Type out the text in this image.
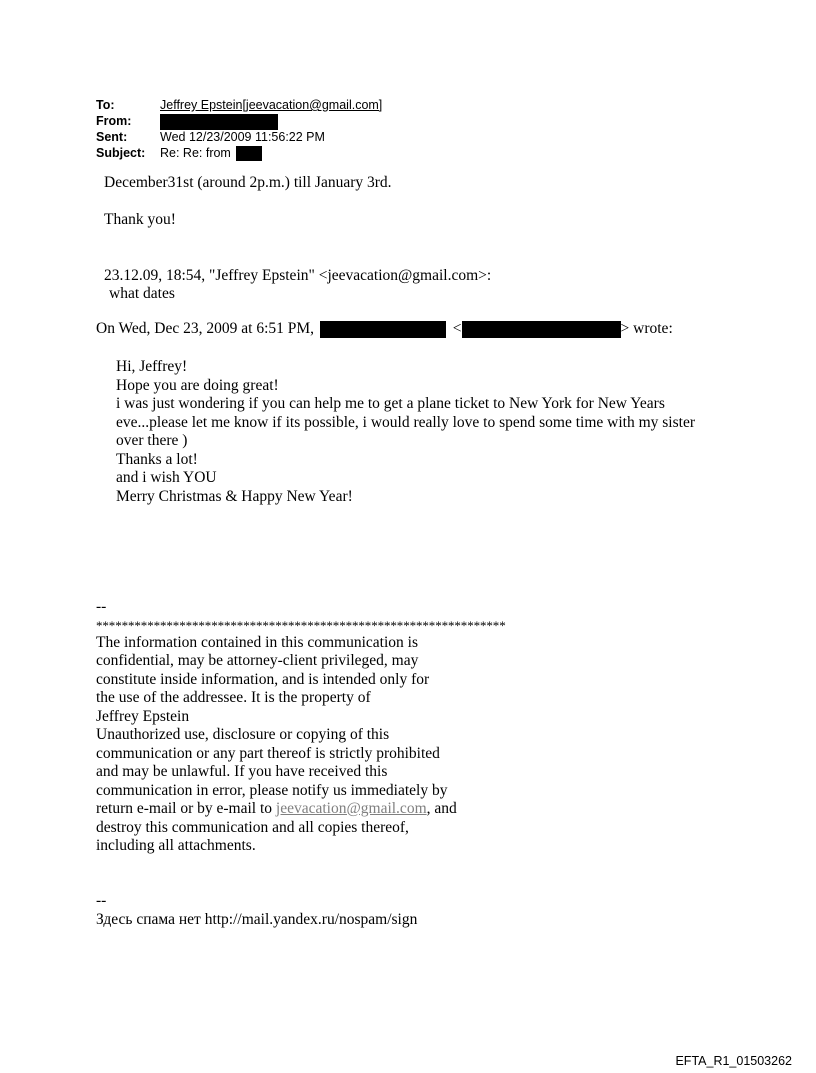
To:	Jeffrey Epstein[jeevacation@gmail.com]
From:
Sent:	Wed 12/23/2009 11:56:22 PM
Subject: Re: Re: from
December31st (around 2p.m.) till January 3rd.
Thank you!
23.12.09, 18:54, "Jeffrey Epstein" <jeevacation@gmail.com>:
what dates
On Wed, Dec 23, 2009 at 6:51 PM,	<	> wrote:
Hi, Jeffrey!
Hope you are doing great!
i was just wondering if you can help me to get a plane ticket to New York for New Years
eve...please let me know if its possible, i would really love to spend some time with my sister
over there )
Thanks a lot!
and i wish YOU
Merry Christmas & Happy New Year!
--
****************************************************************
The information contained in this communication is
confidential, may be attorney-client privileged, may
constitute inside information, and is intended only for
the use of the addressee. It is the property of
Jeffrey Epstein
Unauthorized use, disclosure or copying of this
communication or any part thereof is strictly prohibited
and may be unlawful. If you have received this
communication in error, please notify us immediately by
return e-mail or by e-mail to jeevacation@gmail.com, and
destroy this communication and all copies thereof,
including all attachments.
--
Здесь спама нет http://mail.yandex.ru/nospam/sign
EFTA_R1_01503262
